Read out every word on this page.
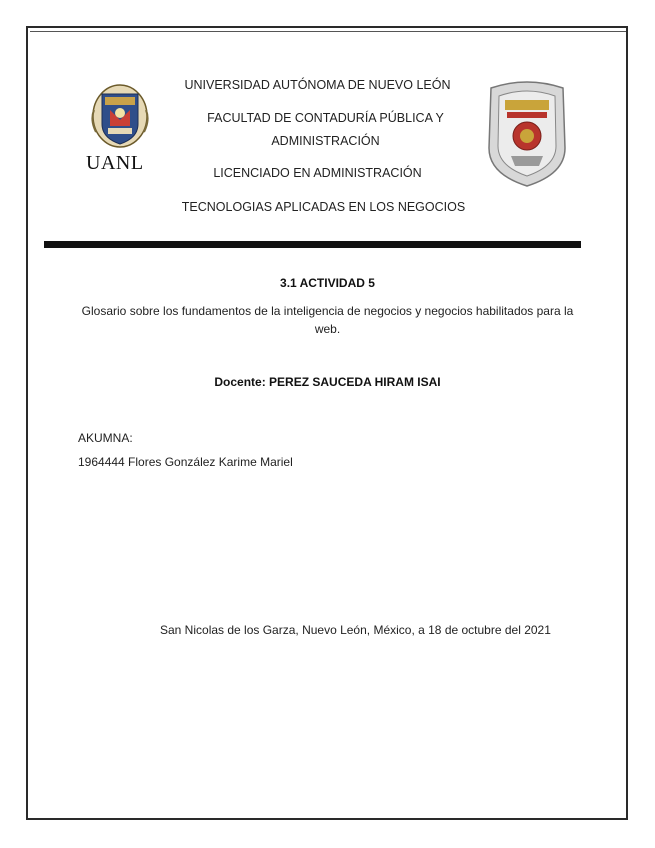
UANL
UNIVERSIDAD AUTÓNOMA DE NUEVO LEÓN
FACULTAD DE CONTADURÍA PÚBLICA Y
ADMINISTRACIÓN
LICENCIADO EN ADMINISTRACIÓN
TECNOLOGIAS APLICADAS EN LOS NEGOCIOS
3.1 ACTIVIDAD 5
Glosario sobre los fundamentos de la inteligencia de negocios y negocios habilitados para la web.
Docente: PEREZ SAUCEDA HIRAM ISAI
AKUMNA:
1964444 Flores González Karime Mariel
San Nicolas de los Garza, Nuevo León, México, a 18 de octubre del 2021
